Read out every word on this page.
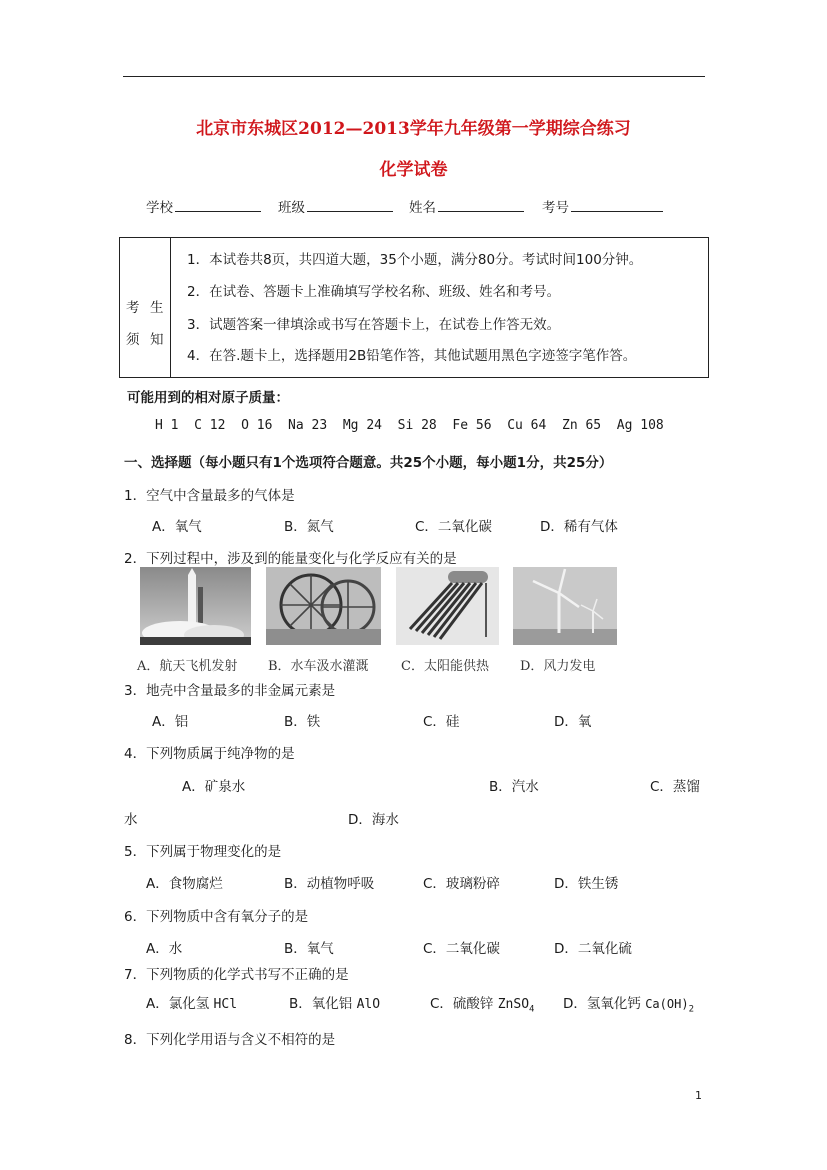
北京市东城区2012—2013学年九年级第一学期综合练习
化学试卷
学校	班级	姓名	考号
考 生
须 知
1．本试卷共8页，共四道大题，35个小题，满分80分。考试时间100分钟。
2．在试卷、答题卡上准确填写学校名称、班级、姓名和考号。
3．试题答案一律填涂或书写在答题卡上，在试卷上作答无效。
4．在答.题卡上，选择题用2B铅笔作答，其他试题用黑色字迹签字笔作答。
可能用到的相对原子质量：
H 1  C 12  O 16  Na 23  Mg 24  Si 28  Fe 56  Cu 64  Zn 65  Ag 108
一、选择题（每小题只有1个选项符合题意。共25个小题，每小题1分，共25分）
1．空气中含量最多的气体是
A．氧气	B．氮气	C．二氧化碳	D．稀有气体
2．下列过程中，涉及到的能量变化与化学反应有关的是
A．航天飞机发射 B．水车汲水灌溉 C．太阳能供热 D．风力发电
3．地壳中含量最多的非金属元素是
A．铝	B．铁	C．硅	D．氧
4．下列物质属于纯净物的是
A．矿泉水	B．汽水	C．蒸馏
水	D．海水
5．下列属于物理变化的是
A．食物腐烂	B．动植物呼吸	C．玻璃粉碎	D．铁生锈
6．下列物质中含有氧分子的是
A．水	B．氧气	C．二氧化碳	D．二氧化硫
7．下列物质的化学式书写不正确的是
A．氯化氢 HCl	B．氧化铝 AlO	C．硫酸锌 ZnSO$_4$ D．氢氧化钙 $Ca(OH)_2$
8．下列化学用语与含义不相符的是
1
